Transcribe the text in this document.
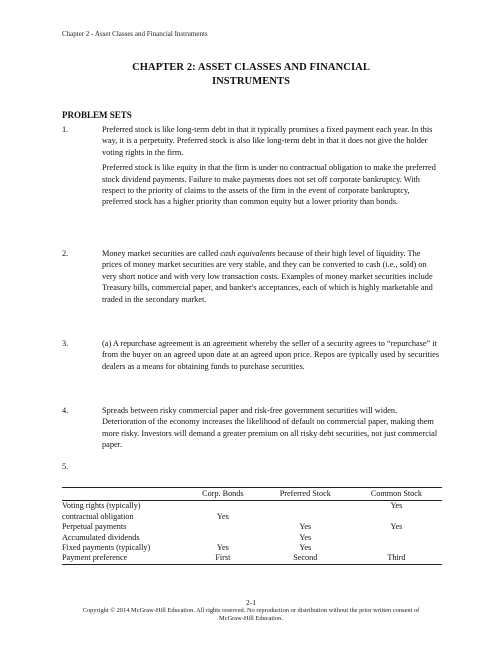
Chapter 2 - Asset Classes and Financial Instruments
CHAPTER 2: ASSET CLASSES AND FINANCIAL
INSTRUMENTS
PROBLEM SETS
1.	Preferred stock is like long-term debt in that it typically promises a fixed payment each year. In this way, it is a perpetuity. Preferred stock is also like long-term debt in that it does not give the holder voting rights in the firm.

Preferred stock is like equity in that the firm is under no contractual obligation to make the preferred stock dividend payments. Failure to make payments does not set off corporate bankruptcy. With respect to the priority of claims to the assets of the firm in the event of corporate bankruptcy, preferred stock has a higher priority than common equity but a lower priority than bonds.

2.	Money market securities are called cash equivalents because of their high level of liquidity. The prices of money market securities are very stable, and they can be converted to cash (i.e., sold) on very short notice and with very low transaction costs. Examples of money market securities include Treasury bills, commercial paper, and banker's acceptances, each of which is highly marketable and traded in the secondary market.

3.	(a) A repurchase agreement is an agreement whereby the seller of a security agrees to “repurchase” it from the buyer on an agreed upon date at an agreed upon price. Repos are typically used by securities dealers as a means for obtaining funds to purchase securities.

4.	Spreads between risky commercial paper and risk-free government securities will widen. Deterioration of the economy increases the likelihood of default on commercial paper, making them more risky. Investors will demand a greater premium on all risky debt securities, not just commercial paper.

5.
	Corp. Bonds	Preferred Stock	Common Stock
Voting rights (typically)			Yes
contractual obligation	Yes		
Perpetual payments		Yes	Yes
Accumulated dividends		Yes	
Fixed payments (typically)	Yes	Yes	
Payment preference	First	Second	Third
2-1
Copyright © 2014 McGraw-Hill Education. All rights reserved. No reproduction or distribution without the prior written consent of
McGraw-Hill Education.
